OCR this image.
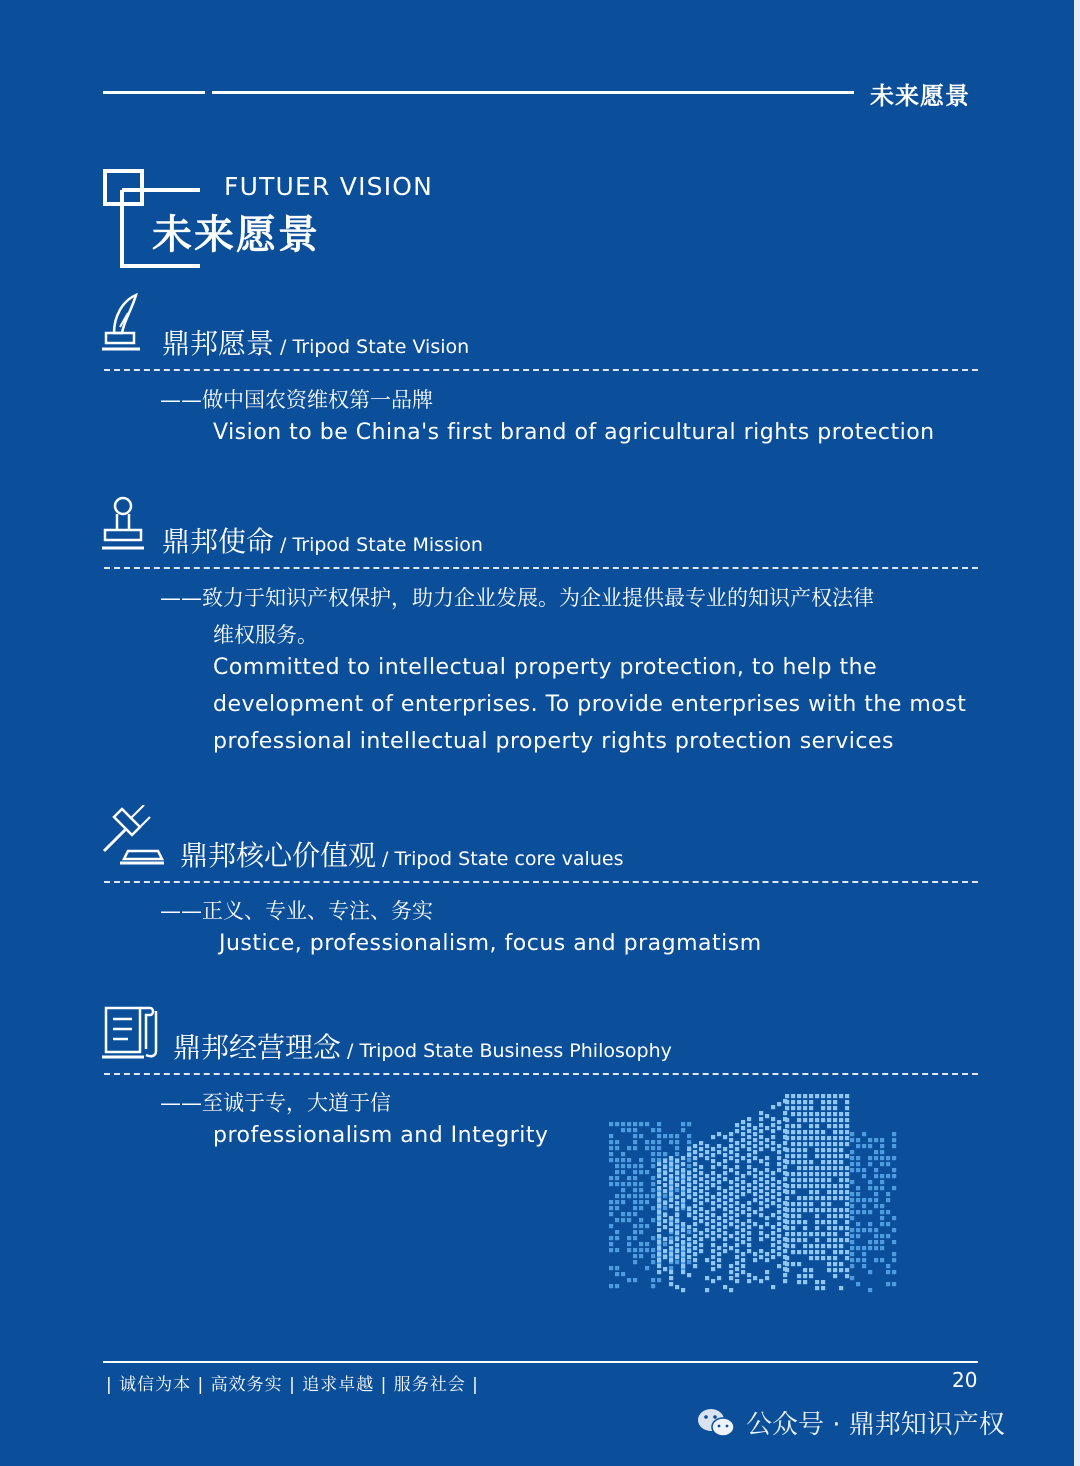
未来愿景
FUTUER VISION
未来愿景
鼎邦愿景 / Tripod State Vision
——做中国农资维权第一品牌
Vision to be China's first brand of agricultural rights protection
鼎邦使命 / Tripod State Mission
——致力于知识产权保护，助力企业发展。为企业提供最专业的知识产权法律
维权服务。
Committed to intellectual property protection, to help the
development of enterprises. To provide enterprises with the most
professional intellectual property rights protection services
鼎邦核心价值观 / Tripod State core values
——正义、专业、专注、务实
Justice, professionalism, focus and pragmatism
鼎邦经营理念 / Tripod State Business Philosophy
——至诚于专，大道于信
professionalism and Integrity
| 诚信为本 | 高效务实 | 追求卓越 | 服务社会 |	20
公众号 · 鼎邦知识产权
